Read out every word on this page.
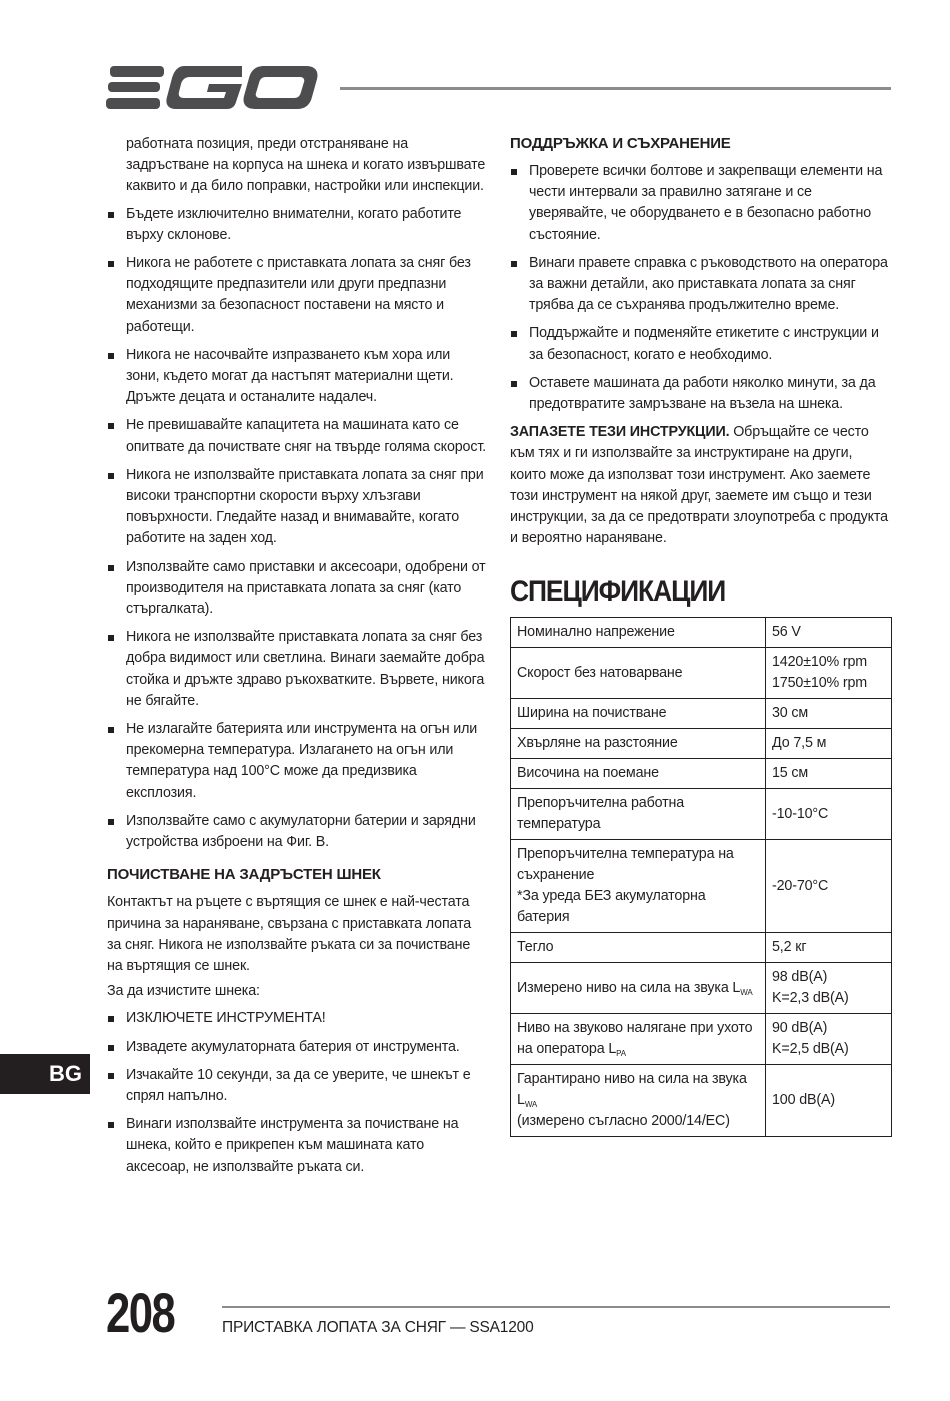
работната позиция, преди отстраняване на задръстване на корпуса на шнека и когато извършвате каквито и да било поправки, настройки или инспекции.
Бъдете изключително внимателни, когато работите върху склонове.
Никога не работете с приставката лопата за сняг без подходящите предпазители или други предпазни механизми за безопасност поставени на място и работещи.
Никога не насочвайте изпразването към хора или зони, където могат да настъпят материални щети. Дръжте децата и останалите надалеч.
Не превишавайте капацитета на машината като се опитвате да почиствате сняг на твърде голяма скорост.
Никога не използвайте приставката лопата за сняг при високи транспортни скорости върху хлъзгави повърхности. Гледайте назад и внимавайте, когато работите на заден ход.
Използвайте само приставки и аксесоари, одобрени от производителя на приставката лопата за сняг (като стъргалката).
Никога не използвайте приставката лопата за сняг без добра видимост или светлина. Винаги заемайте добра стойка и дръжте здраво ръкохватките. Вървете, никога не бягайте.
Не излагайте батерията или инструмента на огън или прекомерна температура. Излагането на огън или температура над 100°C може да предизвика експлозия.
Използвайте само с акумулаторни батерии и зарядни устройства изброени на Фиг. В.
ПОЧИСТВАНЕ НА ЗАДРЪСТЕН ШНЕК
Контактът на ръцете с въртящия се шнек е най-честата причина за нараняване, свързана с приставката лопата за сняг. Никога не използвайте ръката си за почистване на въртящия се шнек.
За да изчистите шнека:
ИЗКЛЮЧЕТЕ ИНСТРУМЕНТА!
Извадете акумулаторната батерия от инструмента.
Изчакайте 10 секунди, за да се уверите, че шнекът е спрял напълно.
Винаги използвайте инструмента за почистване на шнека, който е прикрепен към машината като аксесоар, не използвайте ръката си.
ПОДДРЪЖКА И СЪХРАНЕНИЕ
Проверете всички болтове и закрепващи елементи на чести интервали за правилно затягане и се уверявайте, че оборудването е в безопасно работно състояние.
Винаги правете справка с ръководството на оператора за важни детайли, ако приставката лопата за сняг трябва да се съхранява продължително време.
Поддържайте и подменяйте етикетите с инструкции и за безопасност, когато е необходимо.
Оставете машината да работи няколко минути, за да предотвратите замръзване на възела на шнека.
ЗАПАЗЕТЕ ТЕЗИ ИНСТРУКЦИИ. Обръщайте се често към тях и ги използвайте за инструктиране на други, които може да използват този инструмент. Ако заемете този инструмент на някой друг, заемете им също и тези инструкции, за да се предотврати злоупотреба с продукта и вероятно нараняване.
СПЕЦИФИКАЦИИ
Номинално напрежение	56 V
Скорост без натоварване	1420±10% rpm
1750±10% rpm

Ширина на почистване	30 см
Хвърляне на разстояние	До 7,5 м
Височина на поемане	15 см
Препоръчителна работна температура	-10-10°C

Препоръчителна температура на съхранение
*За уреда БЕЗ акумулаторна батерия	-20-70°C
Тегло	5,2 кг
Измерено ниво на сила на звука $L_{WA}$	98 dB(A)
K=2,3 dB(A)

Ниво на звуково налягане при ухото на оператора $L_{PA}$	90 dB(A)
K=2,5 dB(A)

Гарантирано ниво на сила на звука $L_{WA}$
(измерено съгласно 2000/14/EC)	100 dB(A)
BG
208	ПРИСТАВКА ЛОПАТА ЗА СНЯГ — SSA1200
